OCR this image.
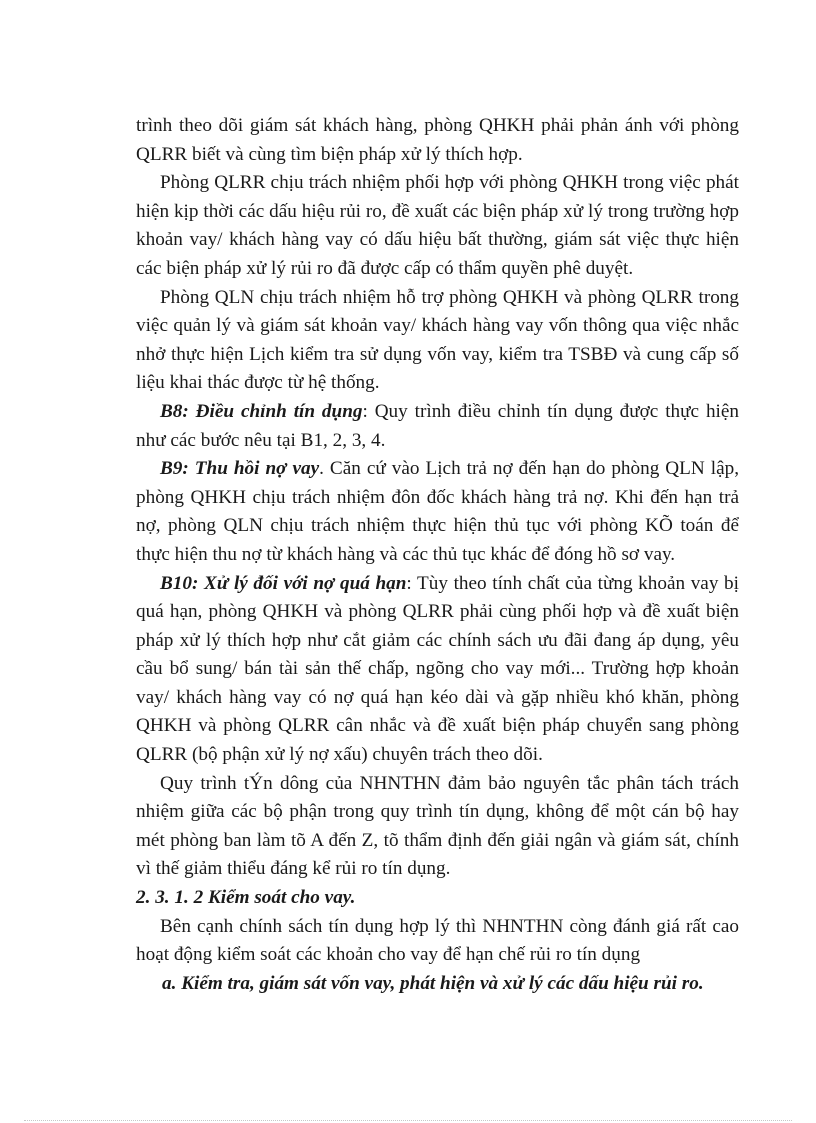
trình theo dõi giám sát khách hàng, phòng QHKH phải phản ánh với phòng QLRR biết và cùng tìm biện pháp xử lý thích hợp.

Phòng QLRR chịu trách nhiệm phối hợp với phòng QHKH trong việc phát hiện kịp thời các dấu hiệu rủi ro, đề xuất các biện pháp xử lý trong trường hợp khoản vay/ khách hàng vay có dấu hiệu bất thường, giám sát việc thực hiện các biện pháp xử lý rủi ro đã được cấp có thẩm quyền phê duyệt.

Phòng QLN chịu trách nhiệm hỗ trợ phòng QHKH và phòng QLRR trong việc quản lý và giám sát khoản vay/ khách hàng vay vốn thông qua việc nhắc nhở thực hiện Lịch kiểm tra sử dụng vốn vay, kiểm tra TSBĐ và cung cấp số liệu khai thác được từ hệ thống.

B8: Điều chỉnh tín dụng: Quy trình điều chỉnh tín dụng được thực hiện như các bước nêu tại B1, 2, 3, 4.

B9: Thu hồi nợ vay. Căn cứ vào Lịch trả nợ đến hạn do phòng QLN lập, phòng QHKH chịu trách nhiệm đôn đốc khách hàng trả nợ. Khi đến hạn trả nợ, phòng QLN chịu trách nhiệm thực hiện thủ tục với phòng KÕ toán để thực hiện thu nợ từ khách hàng và các thủ tục khác để đóng hồ sơ vay.

B10: Xử lý đối với nợ quá hạn: Tùy theo tính chất của từng khoản vay bị quá hạn, phòng QHKH và phòng QLRR phải cùng phối hợp và đề xuất biện pháp xử lý thích hợp như cắt giảm các chính sách ưu đãi đang áp dụng, yêu cầu bổ sung/ bán tài sản thế chấp, ngõng cho vay mới... Trường hợp khoản vay/ khách hàng vay có nợ quá hạn kéo dài và gặp nhiều khó khăn, phòng QHKH và phòng QLRR cân nhắc và đề xuất biện pháp chuyển sang phòng QLRR (bộ phận xử lý nợ xấu) chuyên trách theo dõi.

Quy trình tÝn dông của NHNTHN đảm bảo nguyên tắc phân tách trách nhiệm giữa các bộ phận trong quy trình tín dụng, không để một cán bộ hay mét phòng ban làm tõ A đến Z, tõ thẩm định đến giải ngân và giám sát, chính vì thế giảm thiểu đáng kể rủi ro tín dụng.

2. 3. 1. 2 Kiểm soát cho vay.

Bên cạnh chính sách tín dụng hợp lý thì NHNTHN còng đánh giá rất cao hoạt động kiểm soát các khoản cho vay để hạn chế rủi ro tín dụng

a. Kiểm tra, giám sát vốn vay, phát hiện và xử lý các dấu hiệu rủi ro.
